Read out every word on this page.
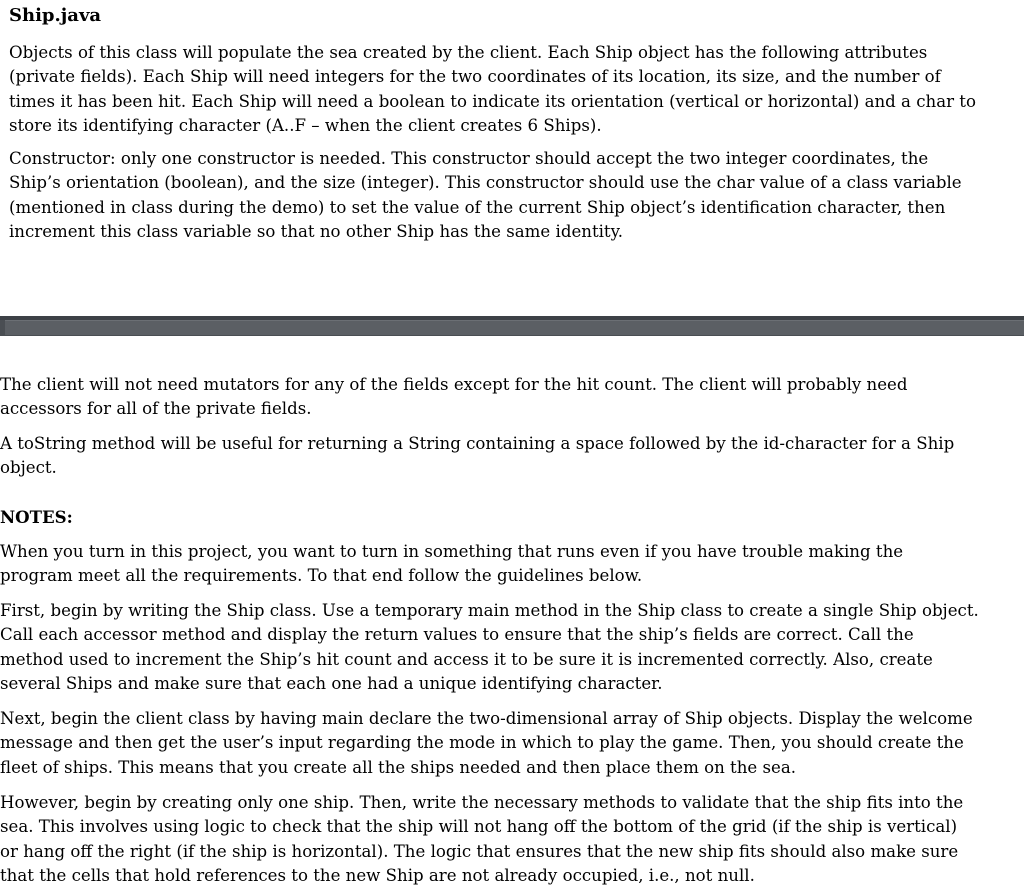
Ship.java

Objects of this class will populate the sea created by the client. Each Ship object has the following attributes
(private fields). Each Ship will need integers for the two coordinates of its location, its size, and the number of
times it has been hit. Each Ship will need a boolean to indicate its orientation (vertical or horizontal) and a char to
store its identifying character (A..F – when the client creates 6 Ships).

Constructor: only one constructor is needed. This constructor should accept the two integer coordinates, the
Ship’s orientation (boolean), and the size (integer). This constructor should use the char value of a class variable
(mentioned in class during the demo) to set the value of the current Ship object’s identification character, then
increment this class variable so that no other Ship has the same identity.

The client will not need mutators for any of the fields except for the hit count. The client will probably need
accessors for all of the private fields.

A toString method will be useful for returning a String containing a space followed by the id-character for a Ship
object.

NOTES:

When you turn in this project, you want to turn in something that runs even if you have trouble making the
program meet all the requirements. To that end follow the guidelines below.

First, begin by writing the Ship class. Use a temporary main method in the Ship class to create a single Ship object.
Call each accessor method and display the return values to ensure that the ship’s fields are correct. Call the
method used to increment the Ship’s hit count and access it to be sure it is incremented correctly. Also, create
several Ships and make sure that each one had a unique identifying character.

Next, begin the client class by having main declare the two-dimensional array of Ship objects. Display the welcome
message and then get the user’s input regarding the mode in which to play the game. Then, you should create the
fleet of ships. This means that you create all the ships needed and then place them on the sea.

However, begin by creating only one ship. Then, write the necessary methods to validate that the ship fits into the
sea. This involves using logic to check that the ship will not hang off the bottom of the grid (if the ship is vertical)
or hang off the right (if the ship is horizontal). The logic that ensures that the new ship fits should also make sure
that the cells that hold references to the new Ship are not already occupied, i.e., not null.
